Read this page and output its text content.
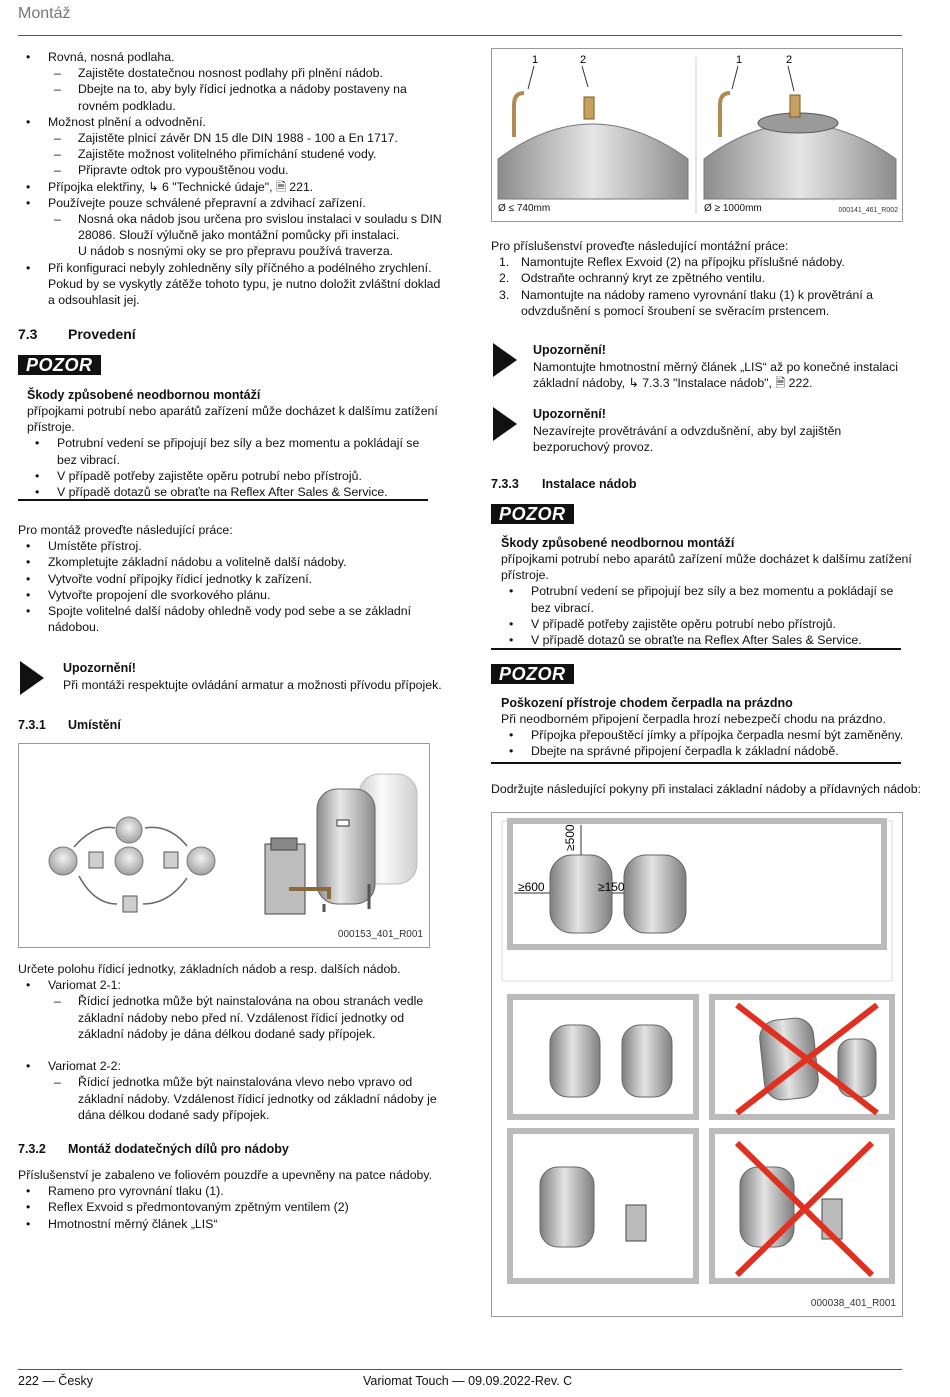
Montáž
• Rovná, nosná podlaha.
– Zajistěte dostatečnou nosnost podlahy při plnění nádob.
– Dbejte na to, aby byly řídicí jednotka a nádoby postaveny na
rovném podkladu.
• Možnost plnění a odvodnění.
– Zajistěte plnicí závěr DN 15 dle DIN 1988 - 100 a En 1717.
– Zajistěte možnost volitelného přimíchání studené vody.
– Připravte odtok pro vypouštěnou vodu.
• Přípojka elektřiny, ↳ 6 "Technické údaje", 🗎 221.
• Používejte pouze schválené přepravní a zdvihací zařízení.
– Nosná oka nádob jsou určena pro svislou instalaci v souladu s DIN
28086. Slouží výlučně jako montážní pomůcky při instalaci.
U nádob s nosnými oky se pro přepravu používá traverza.
• Při konfiguraci nebyly zohledněny síly příčného a podélného zrychlení.
Pokud by se vyskytly zátěže tohoto typu, je nutno doložit zvláštní doklad
a odsouhlasit jej.
7.3 Provedení
POZOR
Škody způsobené neodbornou montáží
přípojkami potrubí nebo aparátů zařízení může docházet k dalšímu zatížení
přístroje.
• Potrubní vedení se připojují bez síly a bez momentu a pokládají se
bez vibrací.
• V případě potřeby zajistěte opěru potrubí nebo přístrojů.
• V případě dotazů se obraťte na Reflex After Sales & Service.
Pro montáž proveďte následující práce:
• Umístěte přístroj.
• Zkompletujte základní nádobu a volitelně další nádoby.
• Vytvořte vodní přípojky řídicí jednotky k zařízení.
• Vytvořte propojení dle svorkového plánu.
• Spojte volitelné další nádoby ohledně vody pod sebe a se základní
nádobou.
Upozornění!
Při montáži respektujte ovládání armatur a možnosti přívodu přípojek.
7.3.1 Umístění
000153_401_R001
Určete polohu řídicí jednotky, základních nádob a resp. dalších nádob.
• Variomat 2-1:
– Řídicí jednotka může být nainstalována na obou stranách vedle
základní nádoby nebo před ní. Vzdálenost řídicí jednotky od
základní nádoby je dána délkou dodané sady přípojek.

• Variomat 2-2:
– Řídicí jednotka může být nainstalována vlevo nebo vpravo od
základní nádoby. Vzdálenost řídicí jednotky od základní nádoby je
dána délkou dodané sady přípojek.
7.3.2 Montáž dodatečných dílů pro nádoby
Příslušenství je zabaleno ve foliovém pouzdře a upevněny na patce nádoby.
• Rameno pro vyrovnání tlaku (1).
• Reflex Exvoid s předmontovaným zpětným ventilem (2)
• Hmotnostní měrný článek „LIS“
1	2	1	2
Ø ≤ 740mm	Ø ≥ 1000mm	000141_461_R002
Pro příslušenství proveďte následující montážní práce:
1. Namontujte Reflex Exvoid (2) na přípojku příslušné nádoby.
2. Odstraňte ochranný kryt ze zpětného ventilu.
3. Namontujte na nádoby rameno vyrovnání tlaku (1) k provětrání a
odvzdušnění s pomocí šroubení se svěracím prstencem.
Upozornění!
Namontujte hmotnostní měrný článek „LIS“ až po konečné instalaci
základní nádoby, ↳ 7.3.3 "Instalace nádob", 🗎 222.
Upozornění!
Nezavírejte provětrávání a odvzdušnění, aby byl zajištěn
bezporuchový provoz.
7.3.3 Instalace nádob
POZOR
Škody způsobené neodbornou montáží
přípojkami potrubí nebo aparátů zařízení může docházet k dalšímu zatížení
přístroje.
• Potrubní vedení se připojují bez síly a bez momentu a pokládají se
bez vibrací.
• V případě potřeby zajistěte opěru potrubí nebo přístrojů.
• V případě dotazů se obraťte na Reflex After Sales & Service.
POZOR
Poškození přístroje chodem čerpadla na prázdno
Při neodborném připojení čerpadla hrozí nebezpečí chodu na prázdno.
• Přípojka přepouštěcí jímky a přípojka čerpadla nesmí být zaměněny.
• Dbejte na správné připojení čerpadla k základní nádobě.
Dodržujte následující pokyny při instalaci základní nádoby a přídavných nádob:
≥500
≥600	≥150
000038_401_R001
222 — Česky	Variomat Touch — 09.09.2022-Rev. C
